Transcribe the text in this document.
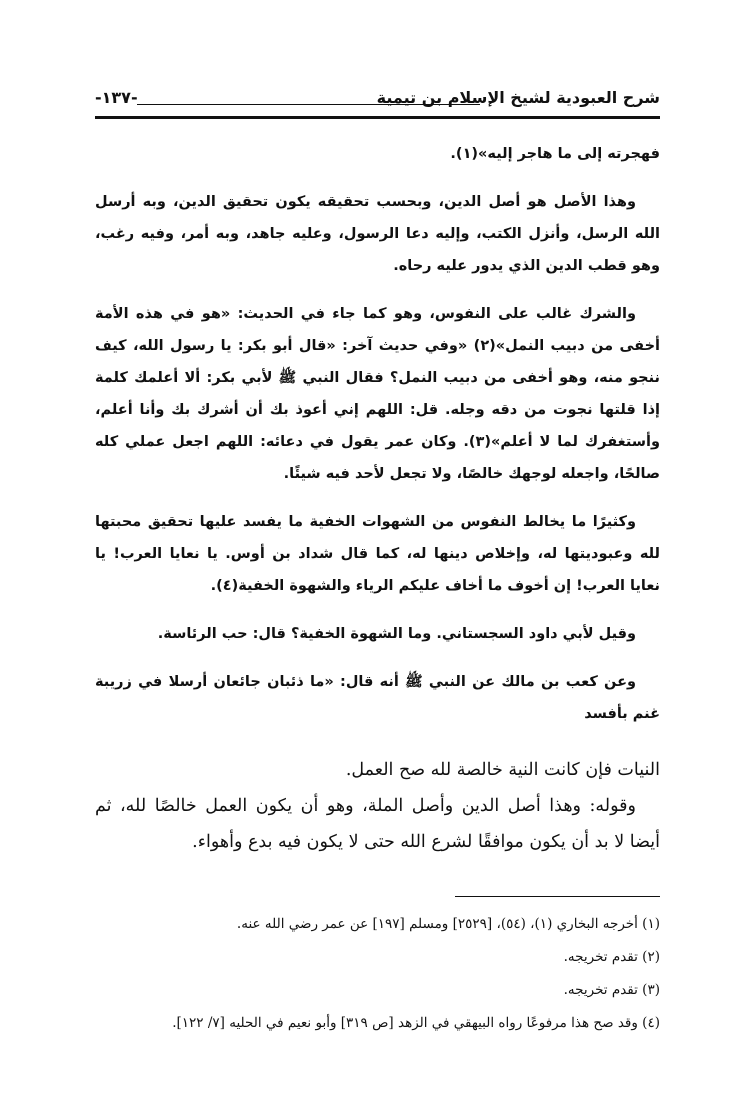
شرح العبودية لشيخ الإسلام بن تيمية
-١٣٧-

فهجرته إلى ما هاجر إليه»(١).

وهذا الأصل هو أصل الدين، وبحسب تحقيقه يكون تحقيق الدين، وبه أرسل الله الرسل، وأنزل الكتب، وإليه دعا الرسول، وعليه جاهد، وبه أمر، وفيه رغب، وهو قطب الدين الذي يدور عليه رحاه.

والشرك غالب على النفوس، وهو كما جاء في الحديث: «هو في هذه الأمة أخفى من دبيب النمل»(٢) «وفي حديث آخر: «قال أبو بكر: يا رسول الله، كيف ننجو منه، وهو أخفى من دبيب النمل؟ فقال النبي ﷺ لأبي بكر: ألا أعلمك كلمة إذا قلتها نجوت من دقه وجله. قل: اللهم إني أعوذ بك أن أشرك بك وأنا أعلم، وأستغفرك لما لا أعلم»(٣). وكان عمر يقول في دعائه: اللهم اجعل عملي كله صالحًا، واجعله لوجهك خالصًا، ولا تجعل لأحد فيه شيئًا.

وكثيرًا ما يخالط النفوس من الشهوات الخفية ما يفسد عليها تحقيق محبتها لله وعبوديتها له، وإخلاص دينها له، كما قال شداد بن أوس. يا نعايا العرب! يا نعايا العرب! إن أخوف ما أخاف عليكم الرياء والشهوة الخفية(٤).

وقيل لأبي داود السجستاني. وما الشهوة الخفية؟ قال: حب الرئاسة.

وعن كعب بن مالك عن النبي ﷺ أنه قال: «ما ذئبان جائعان أرسلا في زريبة غنم بأفسد

النيات فإن كانت النية خالصة لله صح العمل.

وقوله: وهذا أصل الدين وأصل الملة، وهو أن يكون العمل خالصًا لله، ثم أيضا لا بد أن يكون موافقًا لشرع الله حتى لا يكون فيه بدع وأهواء.

(١) أخرجه البخاري (١)، (٥٤)، [٢٥٢٩] ومسلم [١٩٧] عن عمر رضي الله عنه.

(٢) تقدم تخريجه.

(٣) تقدم تخريجه.

(٤) وقد صح هذا مرفوعًا رواه البيهقي في الزهد [ص ٣١٩] وأبو نعيم في الحليه [٧/ ١٢٢].
